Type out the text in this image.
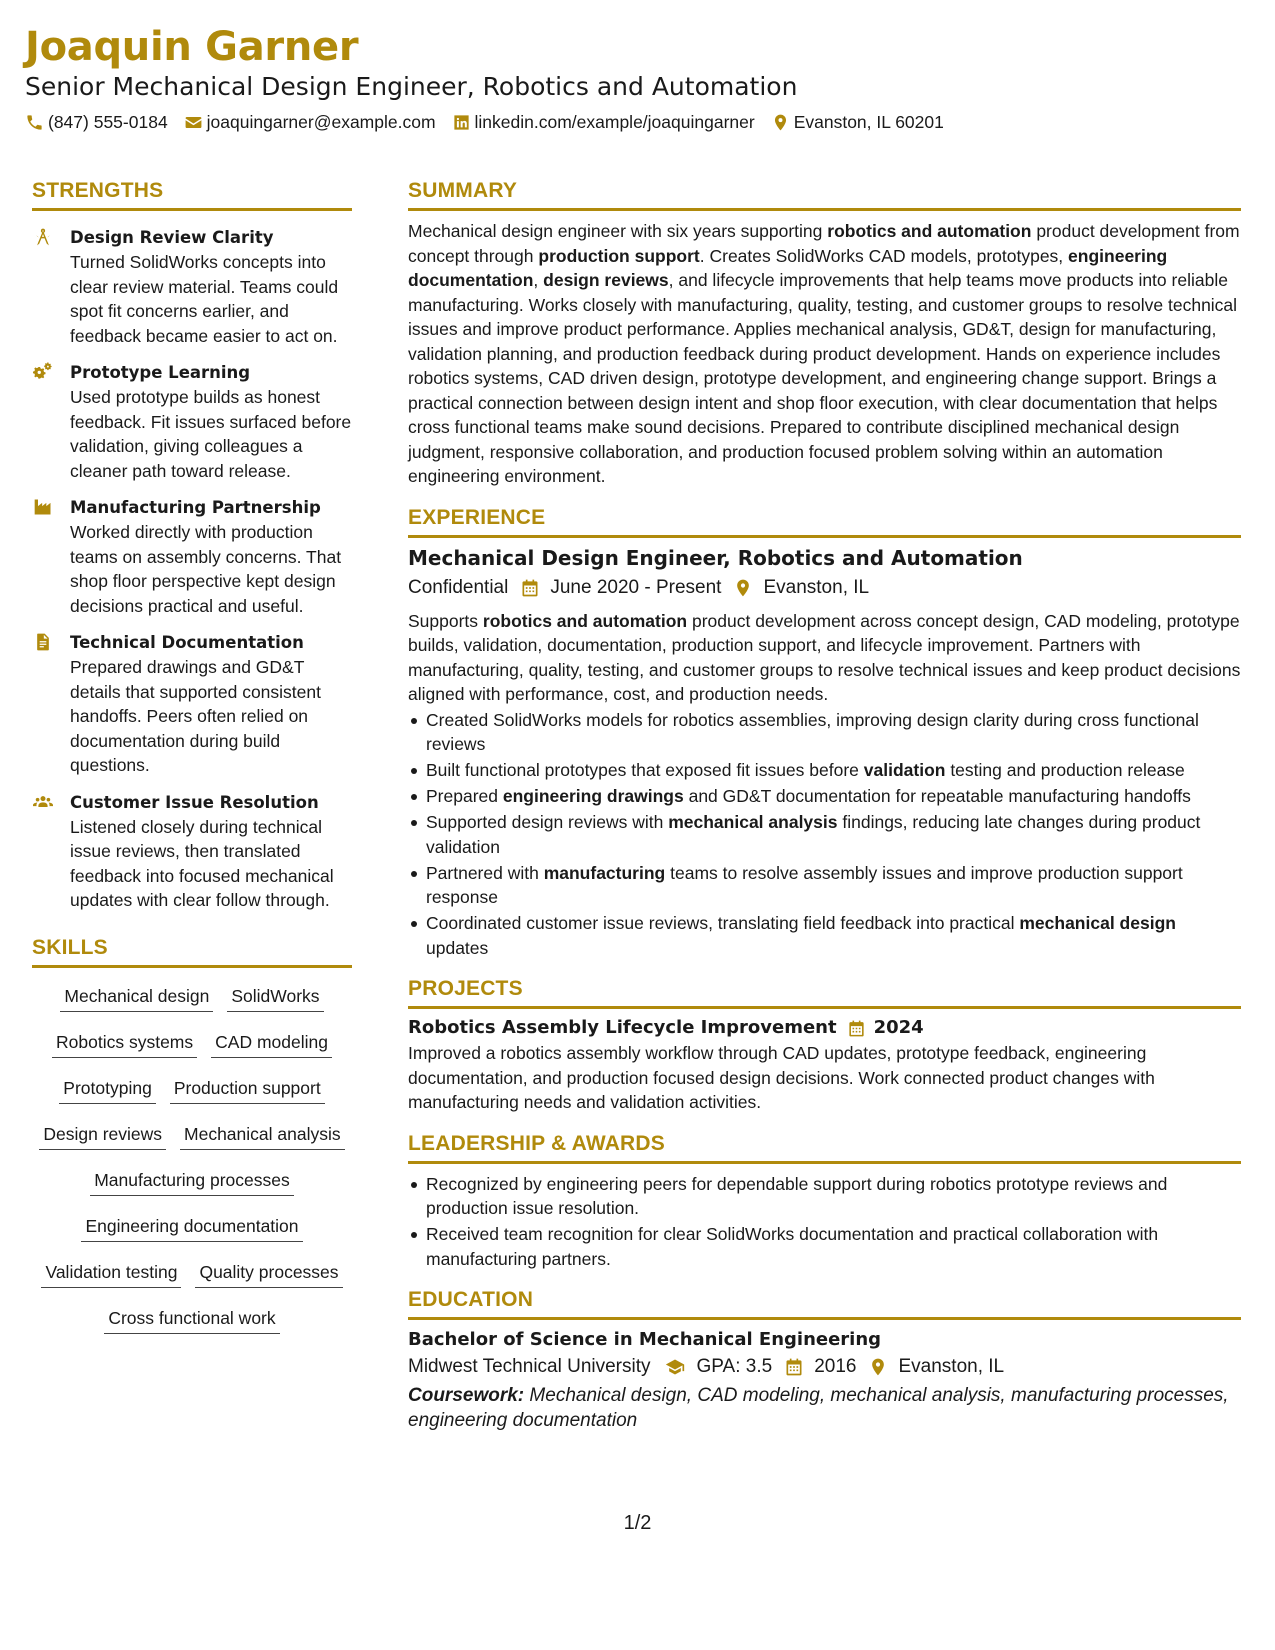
Joaquin Garner
Senior Mechanical Design Engineer, Robotics and Automation
(847) 555-0184 joaquingarner@example.com linkedin.com/example/joaquingarner Evanston, IL 60201
STRENGTHS
Design Review Clarity
Turned SolidWorks concepts into clear review material. Teams could spot fit concerns earlier, and feedback became easier to act on.
Prototype Learning
Used prototype builds as honest feedback. Fit issues surfaced before validation, giving colleagues a cleaner path toward release.
Manufacturing Partnership
Worked directly with production teams on assembly concerns. That shop floor perspective kept design decisions practical and useful.
Technical Documentation
Prepared drawings and GD&T details that supported consistent handoffs. Peers often relied on documentation during build questions.
Customer Issue Resolution
Listened closely during technical issue reviews, then translated feedback into focused mechanical updates with clear follow through.
SKILLS
Mechanical design SolidWorks
Robotics systems CAD modeling
Prototyping Production support
Design reviews Mechanical analysis
Manufacturing processes
Engineering documentation
Validation testing Quality processes
Cross functional work
SUMMARY
Mechanical design engineer with six years supporting robotics and automation product development from concept through production support. Creates SolidWorks CAD models, prototypes, engineering documentation, design reviews, and lifecycle improvements that help teams move products into reliable manufacturing. Works closely with manufacturing, quality, testing, and customer groups to resolve technical issues and improve product performance. Applies mechanical analysis, GD&T, design for manufacturing, validation planning, and production feedback during product development. Hands on experience includes robotics systems, CAD driven design, prototype development, and engineering change support. Brings a practical connection between design intent and shop floor execution, with clear documentation that helps cross functional teams make sound decisions. Prepared to contribute disciplined mechanical design judgment, responsive collaboration, and production focused problem solving within an automation engineering environment.
EXPERIENCE
Mechanical Design Engineer, Robotics and Automation
Confidential June 2020 - Present Evanston, IL
Supports robotics and automation product development across concept design, CAD modeling, prototype builds, validation, documentation, production support, and lifecycle improvement. Partners with manufacturing, quality, testing, and customer groups to resolve technical issues and keep product decisions aligned with performance, cost, and production needs.
Created SolidWorks models for robotics assemblies, improving design clarity during cross functional reviews
Built functional prototypes that exposed fit issues before validation testing and production release
Prepared engineering drawings and GD&T documentation for repeatable manufacturing handoffs
Supported design reviews with mechanical analysis findings, reducing late changes during product validation
Partnered with manufacturing teams to resolve assembly issues and improve production support response
Coordinated customer issue reviews, translating field feedback into practical mechanical design updates
PROJECTS
Robotics Assembly Lifecycle Improvement 2024
Improved a robotics assembly workflow through CAD updates, prototype feedback, engineering documentation, and production focused design decisions. Work connected product changes with manufacturing needs and validation activities.
LEADERSHIP & AWARDS
Recognized by engineering peers for dependable support during robotics prototype reviews and production issue resolution.
Received team recognition for clear SolidWorks documentation and practical collaboration with manufacturing partners.
EDUCATION
Bachelor of Science in Mechanical Engineering
Midwest Technical University GPA: 3.5 2016 Evanston, IL
Coursework: Mechanical design, CAD modeling, mechanical analysis, manufacturing processes, engineering documentation
1/2
